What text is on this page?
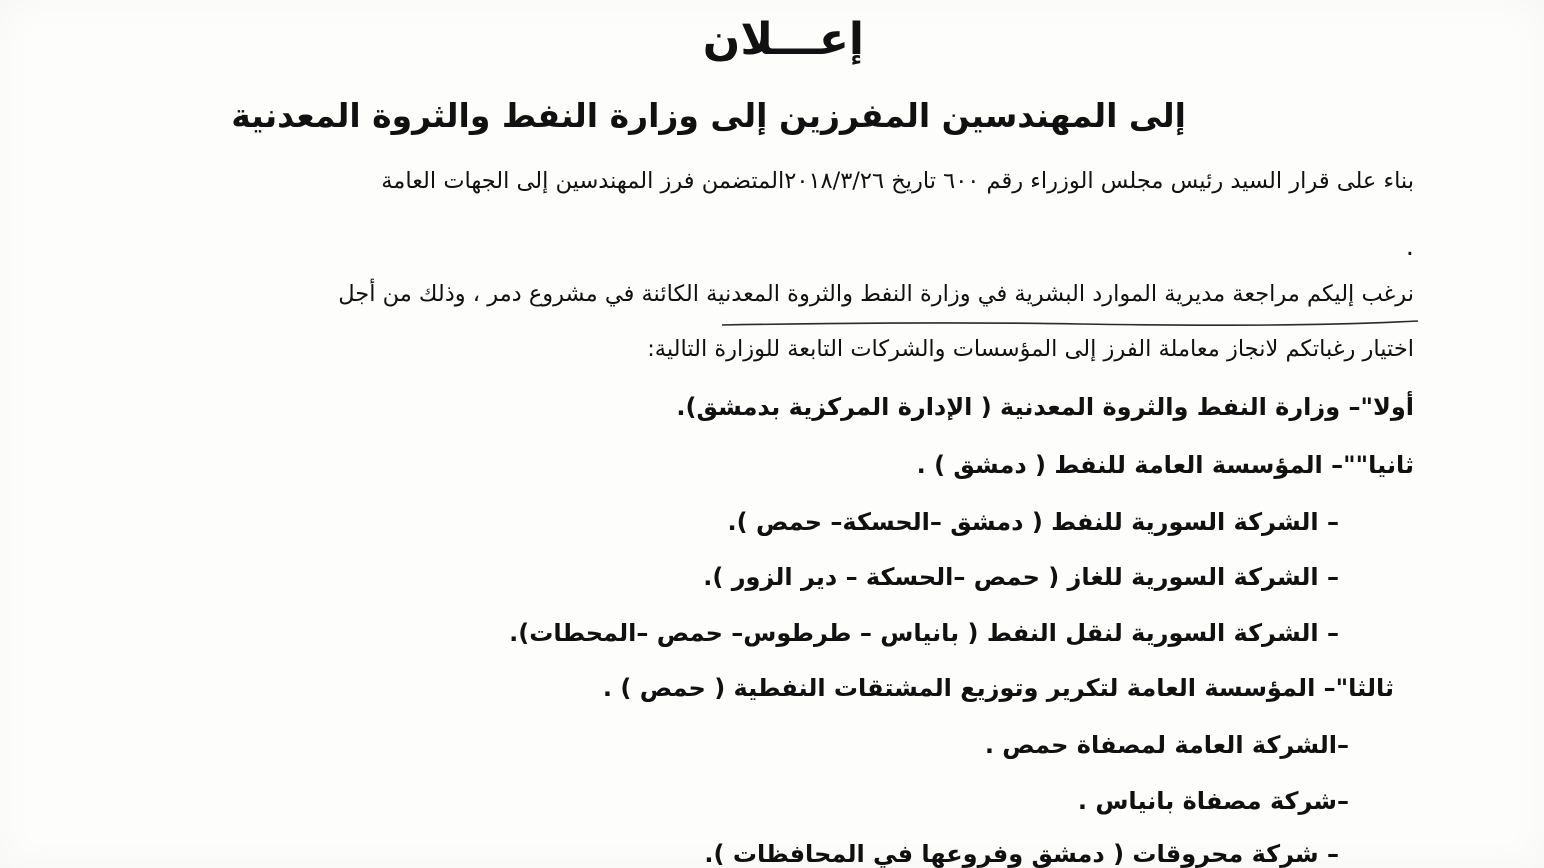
إعـــلان
إلى المهندسين المفرزين إلى وزارة النفط والثروة المعدنية
بناء على قرار السيد رئيس مجلس الوزراء رقم ٦٠٠ تاريخ ٢٠١٨/٣/٢٦المتضمن فرز المهندسين إلى الجهات العامة
.
نرغب إليكم مراجعة مديرية الموارد البشرية في وزارة النفط والثروة المعدنية الكائنة في مشروع دمر ، وذلك من أجل
اختيار رغباتكم لانجاز معاملة الفرز إلى المؤسسات والشركات التابعة للوزارة التالية:
أولا"– وزارة النفط والثروة المعدنية ( الإدارة المركزية بدمشق).
ثانيا""– المؤسسة العامة للنفط ( دمشق ) .
– الشركة السورية للنفط ( دمشق –الحسكة– حمص ).
– الشركة السورية للغاز ( حمص –الحسكة – دير الزور ).
– الشركة السورية لنقل النفط ( بانياس – طرطوس– حمص –المحطات).
ثالثا"– المؤسسة العامة لتكرير وتوزيع المشتقات النفطية ( حمص ) .
–الشركة العامة لمصفاة حمص .
–شركة مصفاة بانياس .
– شركة محروقات ( دمشق وفروعها في المحافظات ).
